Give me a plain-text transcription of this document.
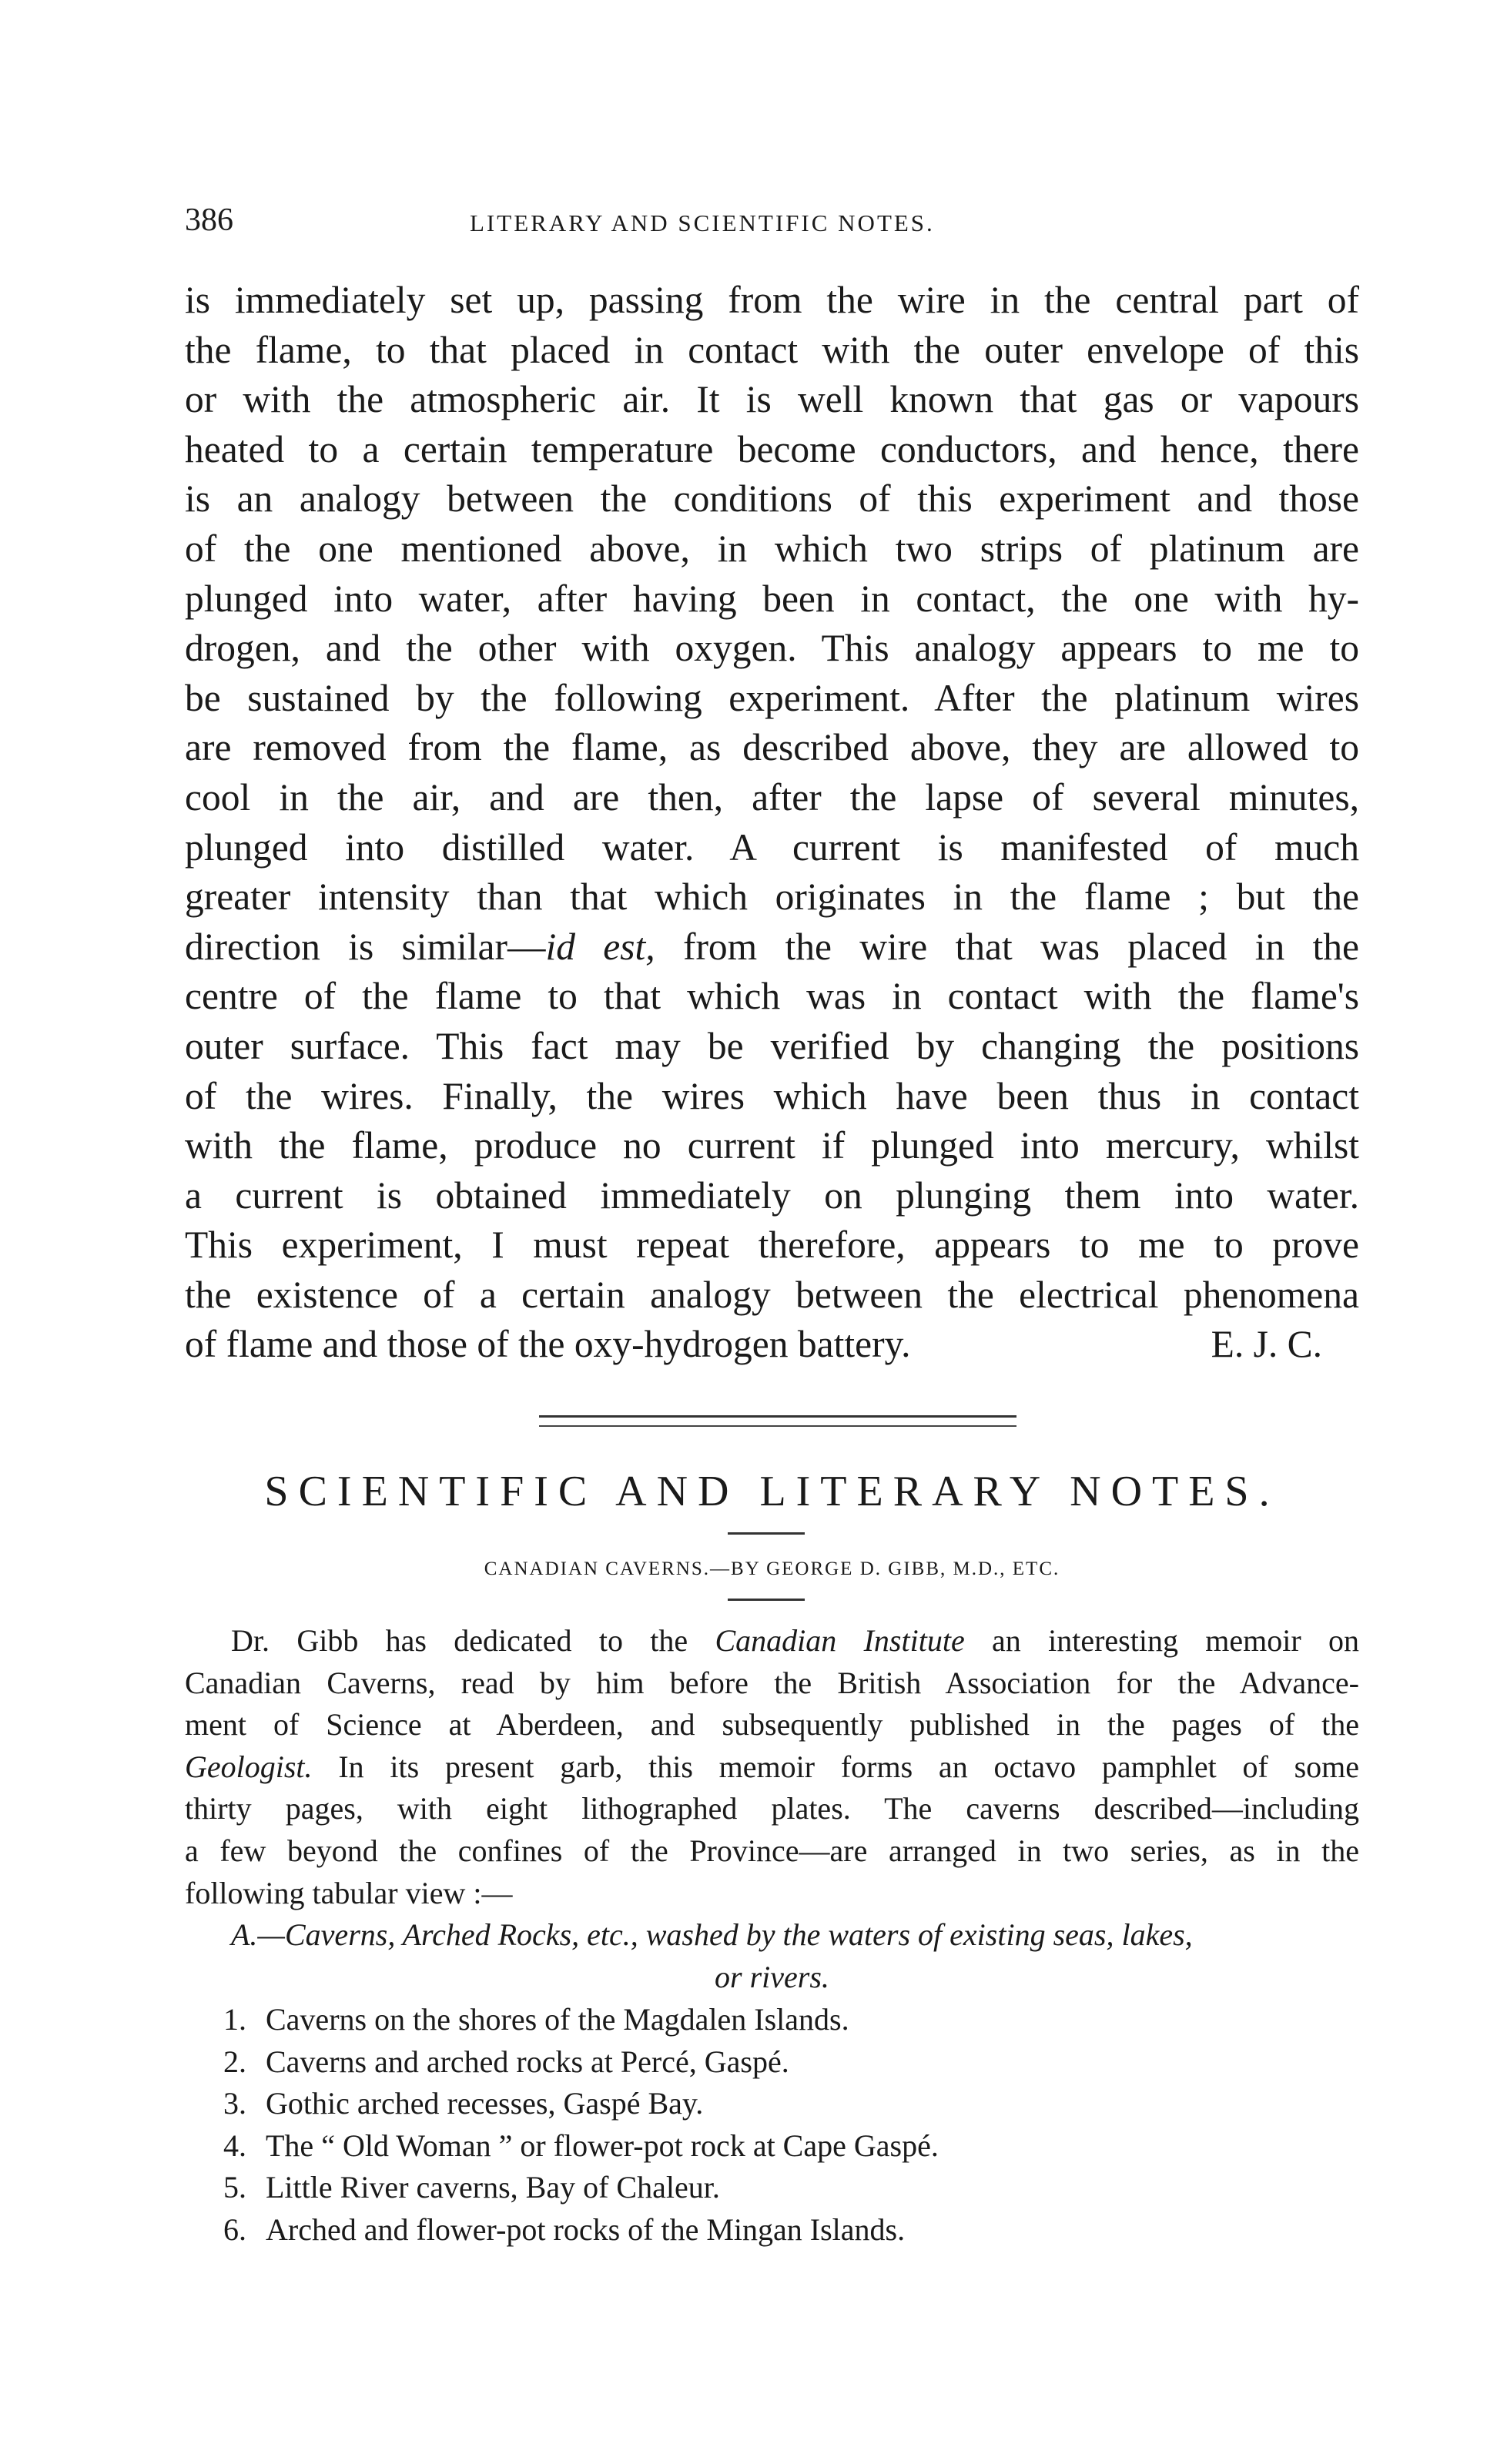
386	LITERARY AND SCIENTIFIC NOTES.
is immediately set up, passing from the wire in the central part of
the flame, to that placed in contact with the outer envelope of this
or with the atmospheric air. It is well known that gas or vapours
heated to a certain temperature become conductors, and hence, there
is an analogy between the conditions of this experiment and those
of the one mentioned above, in which two strips of platinum are
plunged into water, after having been in contact, the one with hy-
drogen, and the other with oxygen. This analogy appears to me to
be sustained by the following experiment. After the platinum wires
are removed from the flame, as described above, they are allowed to
cool in the air, and are then, after the lapse of several minutes,
plunged into distilled water. A current is manifested of much
greater intensity than that which originates in the flame ; but the
direction is similar—id est, from the wire that was placed in the
centre of the flame to that which was in contact with the flame's
outer surface. This fact may be verified by changing the positions
of the wires. Finally, the wires which have been thus in contact
with the flame, produce no current if plunged into mercury, whilst
a current is obtained immediately on plunging them into water.
This experiment, I must repeat therefore, appears to me to prove
the existence of a certain analogy between the electrical phenomena
of flame and those of the oxy-hydrogen battery.	E. J. C.
SCIENTIFIC AND LITERARY NOTES.
CANADIAN CAVERNS.—BY GEORGE D. GIBB, M.D., ETC.
Dr. Gibb has dedicated to the Canadian Institute an interesting memoir on
Canadian Caverns, read by him before the British Association for the Advance-
ment of Science at Aberdeen, and subsequently published in the pages of the
Geologist. In its present garb, this memoir forms an octavo pamphlet of some
thirty pages, with eight lithographed plates. The caverns described—including
a few beyond the confines of the Province—are arranged in two series, as in the
following tabular view :—
A.—Caverns, Arched Rocks, etc., washed by the waters of existing seas, lakes,
or rivers.
1. Caverns on the shores of the Magdalen Islands.
2. Caverns and arched rocks at Percé, Gaspé.
3. Gothic arched recesses, Gaspé Bay.
4. The “ Old Woman ” or flower-pot rock at Cape Gaspé.
5. Little River caverns, Bay of Chaleur.
6. Arched and flower-pot rocks of the Mingan Islands.
